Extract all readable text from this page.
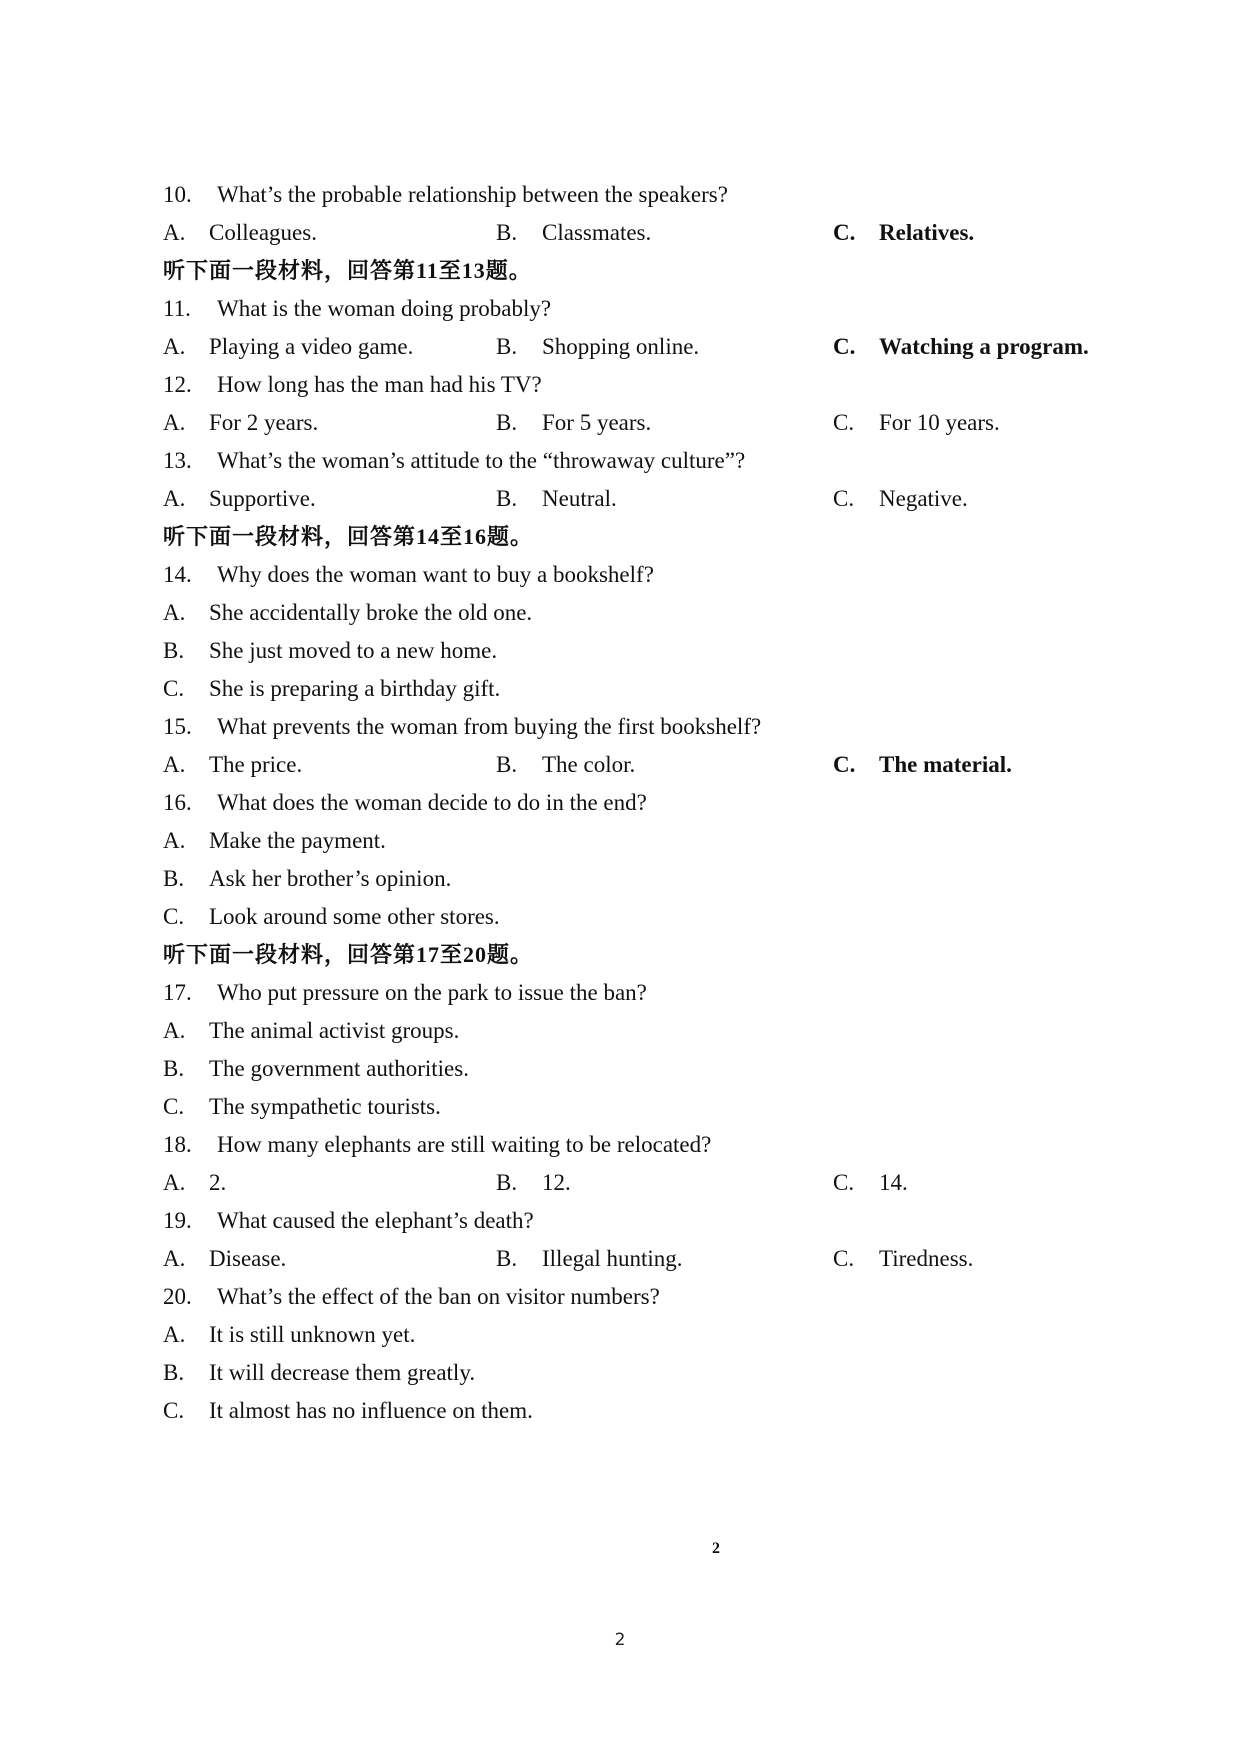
10. What’s the probable relationship between the speakers?
A. Colleagues.	B. Classmates.	C. Relatives.
听下面一段材料，回答第11至13题。
11. What is the woman doing probably?
A. Playing a video game.	B. Shopping online.	C. Watching a program.
12. How long has the man had his TV?
A. For 2 years.	B. For 5 years.	C. For 10 years.
13. What’s the woman’s attitude to the “throwaway culture”?
A. Supportive.	B. Neutral.	C. Negative.
听下面一段材料，回答第14至16题。
14. Why does the woman want to buy a bookshelf?
A. She accidentally broke the old one.
B. She just moved to a new home.
C. She is preparing a birthday gift.
15. What prevents the woman from buying the first bookshelf?
A. The price.	B. The color.	C. The material.
16. What does the woman decide to do in the end?
A. Make the payment.
B. Ask her brother’s opinion.
C. Look around some other stores.
听下面一段材料，回答第17至20题。
17. Who put pressure on the park to issue the ban?
A. The animal activist groups.
B. The government authorities.
C. The sympathetic tourists.
18. How many elephants are still waiting to be relocated?
A. 2.	B. 12.	C. 14.
19. What caused the elephant’s death?
A. Disease.	B. Illegal hunting.	C. Tiredness.
20. What’s the effect of the ban on visitor numbers?
A. It is still unknown yet.
B. It will decrease them greatly.
C. It almost has no influence on them.
2
2
